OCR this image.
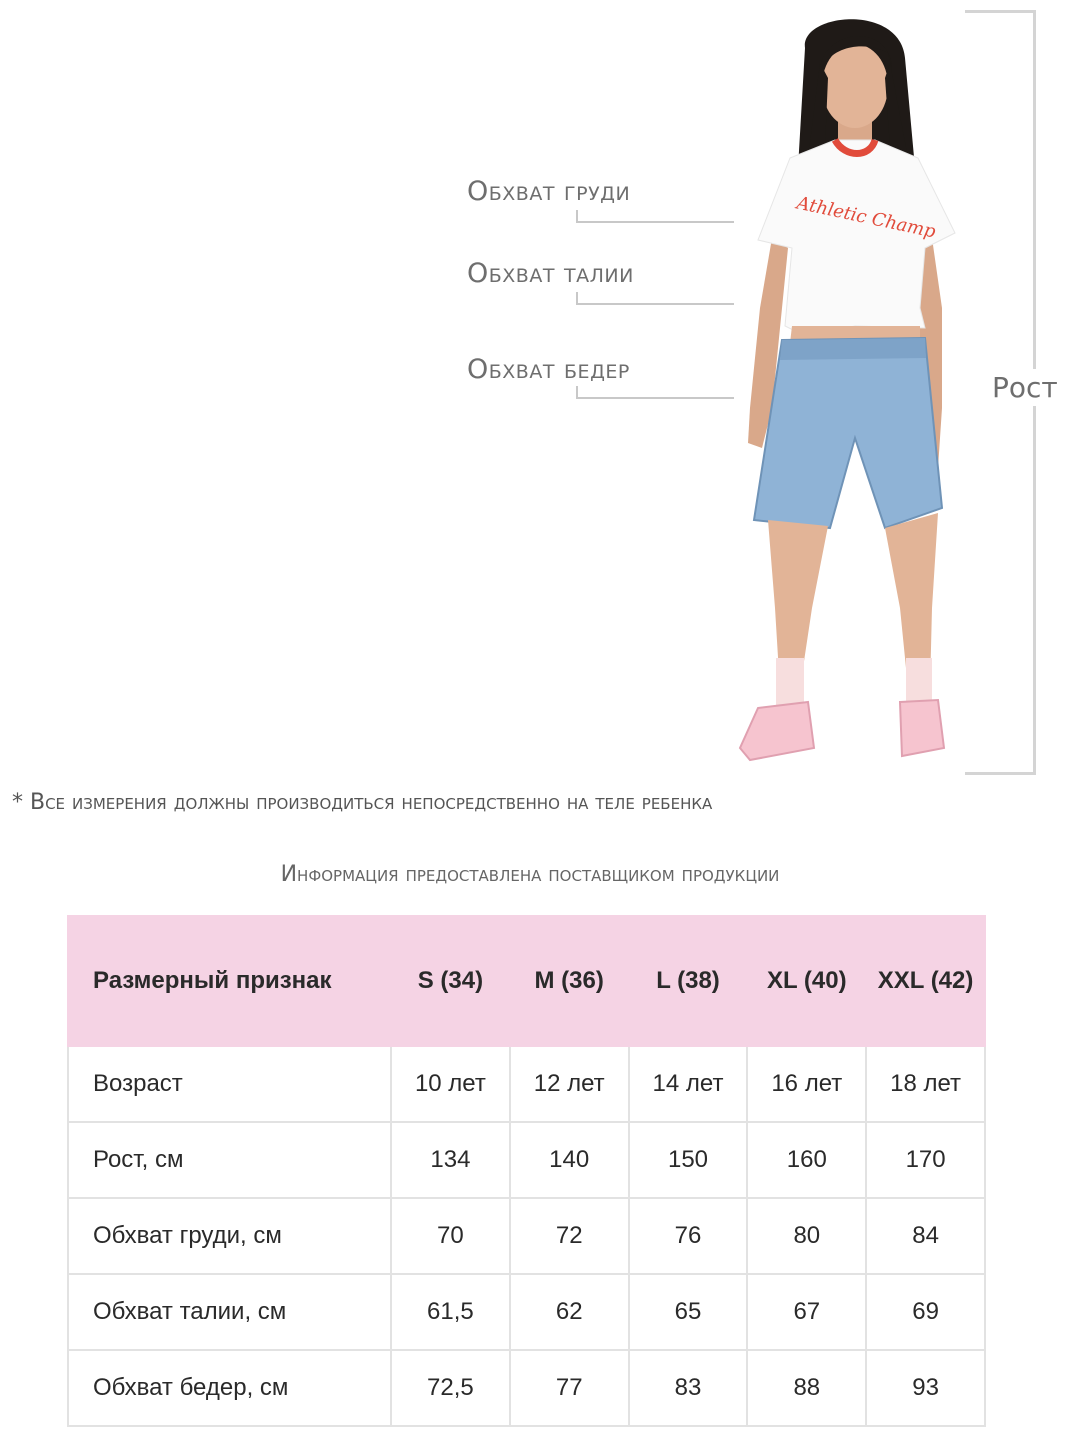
Обхват груди
Обхват талии
Обхват бедер
Рост
Athletic Champ
* Все измерения должны производиться непосредственно на теле ребенка
Информация предоставлена поставщиком продукции
Размерный признак	S (34)	M (36)	L (38)	XL (40)	XXL (42)
Возраст	10 лет	12 лет	14 лет	16 лет	18 лет
Рост, см	134	140	150	160	170
Обхват груди, см	70	72	76	80	84
Обхват талии, см	61,5	62	65	67	69
Обхват бедер, см	72,5	77	83	88	93
